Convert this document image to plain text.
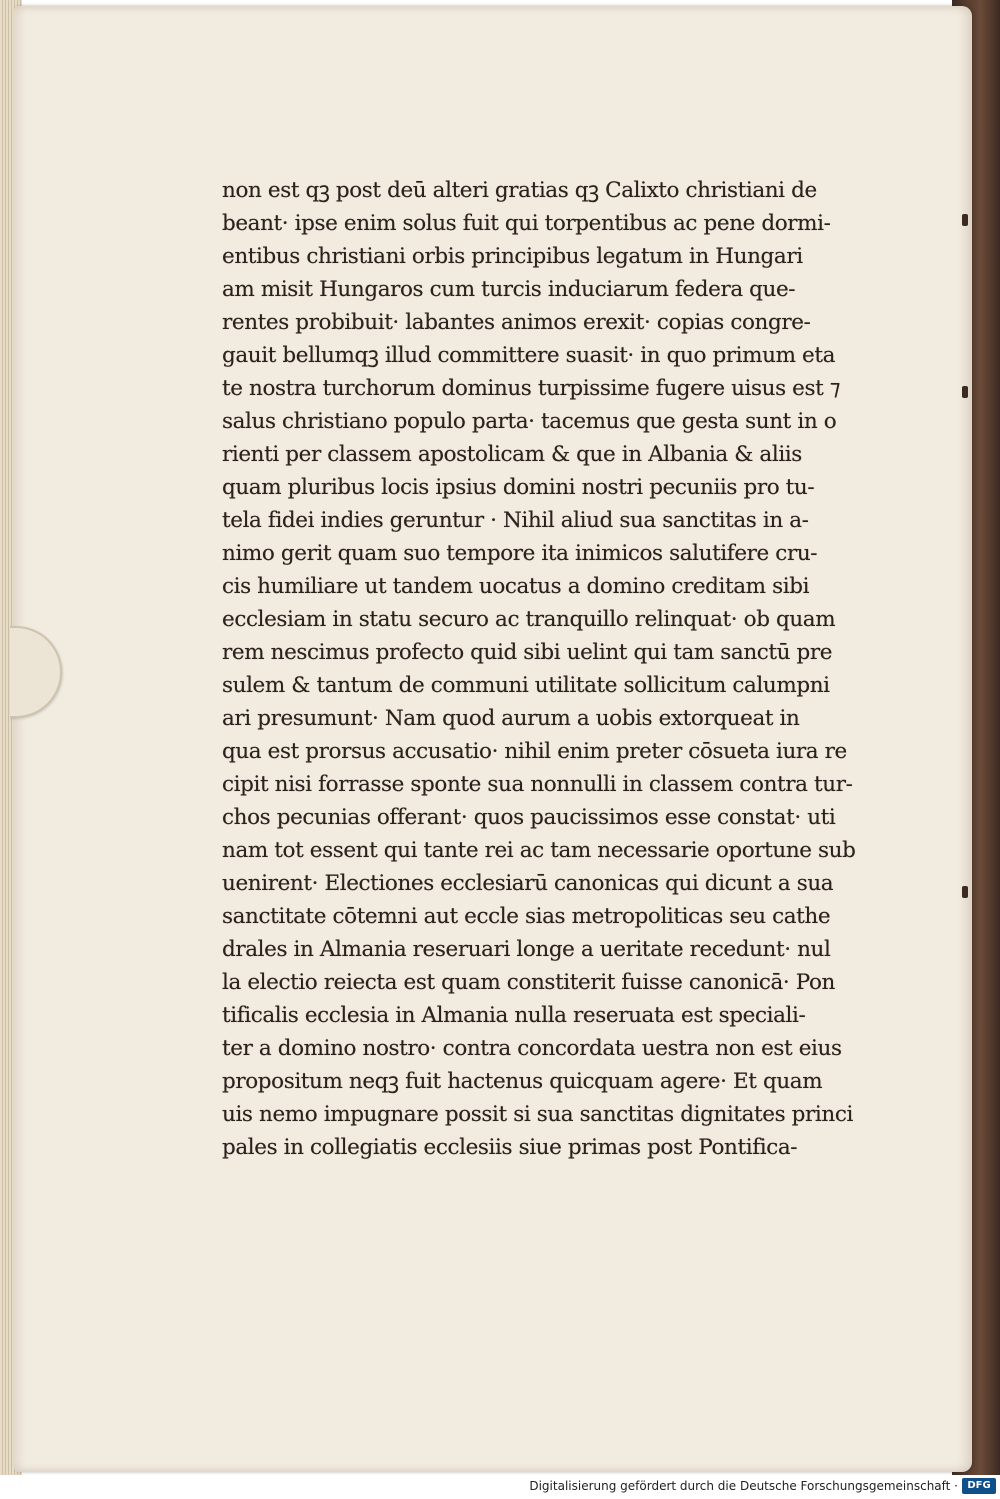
non est qꝫ post deū alteri gratias qꝫ Calixto christiani de
beant· ipse enim solus fuit qui torpentibus ac pene dormi-
entibus christiani orbis principibus legatum in Hungari
am misit Hungaros cum turcis induciarum federa que-
rentes probibuit· labantes animos erexit· copias congre-
gauit bellumqꝫ illud committere suasit· in quo primum eta
te nostra turchorum dominus turpissime fugere uisus est ⁊
salus christiano populo parta· tacemus que gesta sunt in o
rienti per classem apostolicam & que in Albania & aliis
quam pluribus locis ipsius domini nostri pecuniis pro tu-
tela fidei indies geruntur · Nihil aliud sua sanctitas in a-
nimo gerit quam suo tempore ita inimicos salutifere cru-
cis humiliare ut tandem uocatus a domino creditam sibi
ecclesiam in statu securo ac tranquillo relinquat· ob quam
rem nescimus profecto quid sibi uelint qui tam sanctū pre
sulem & tantum de communi utilitate sollicitum calumpni
ari presumunt· Nam quod aurum a uobis extorqueat in
qua est prorsus accusatio· nihil enim preter cōsueta iura re
cipit nisi forrasse sponte sua nonnulli in classem contra tur-
chos pecunias offerant· quos paucissimos esse constat· uti
nam tot essent qui tante rei ac tam necessarie oportune sub
uenirent· Electiones ecclesiarū canonicas qui dicunt a sua
sanctitate cōtemni aut eccle sias metropoliticas seu cathe
drales in Almania reseruari longe a ueritate recedunt· nul
la electio reiecta est quam constiterit fuisse canonicā· Pon
tificalis ecclesia in Almania nulla reseruata est speciali-
ter a domino nostro· contra concordata uestra non est eius
propositum neqꝫ fuit hactenus quicquam agere· Et quam
uis nemo impugnare possit si sua sanctitas dignitates princi
pales in collegiatis ecclesiis siue primas post Pontifica-
Digitalisierung gefördert durch die Deutsche Forschungsgemeinschaft · DFG
